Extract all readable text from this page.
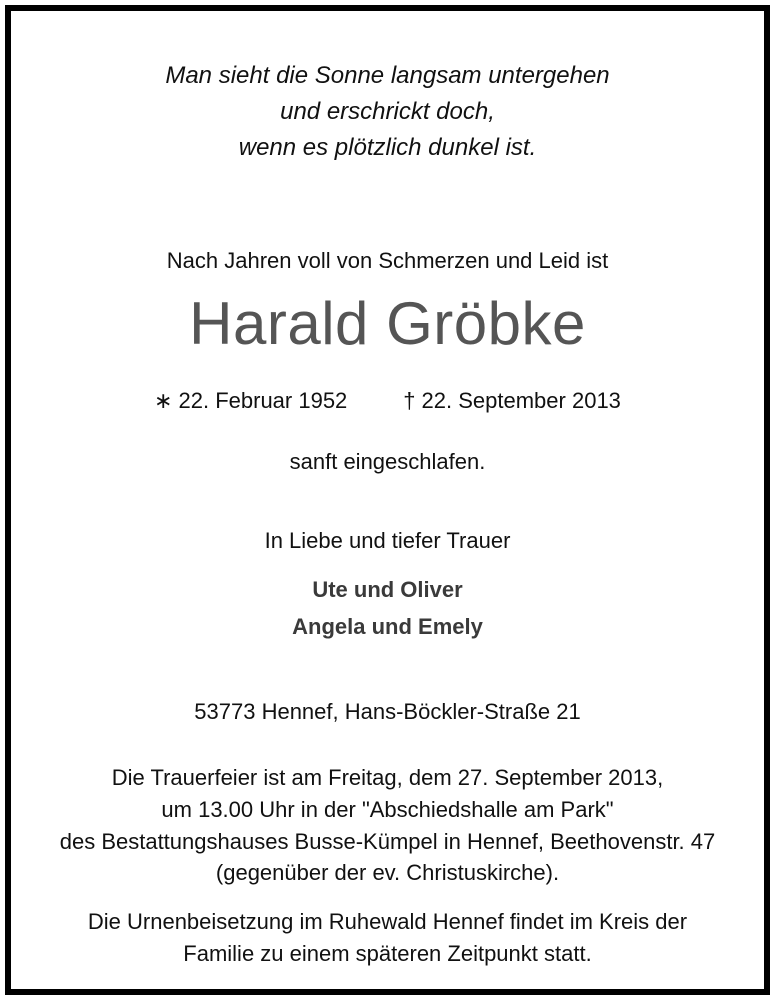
Man sieht die Sonne langsam untergehen
und erschrickt doch,
wenn es plötzlich dunkel ist.
Nach Jahren voll von Schmerzen und Leid ist
Harald Gröbke
∗ 22. Februar 1952	† 22. September 2013
sanft eingeschlafen.
In Liebe und tiefer Trauer
Ute und Oliver
Angela und Emely
53773 Hennef, Hans-Böckler-Straße 21
Die Trauerfeier ist am Freitag, dem 27. September 2013,
um 13.00 Uhr in der "Abschiedshalle am Park"
des Bestattungshauses Busse-Kümpel in Hennef, Beethovenstr. 47
(gegenüber der ev. Christuskirche).
Die Urnenbeisetzung im Ruhewald Hennef findet im Kreis der
Familie zu einem späteren Zeitpunkt statt.
